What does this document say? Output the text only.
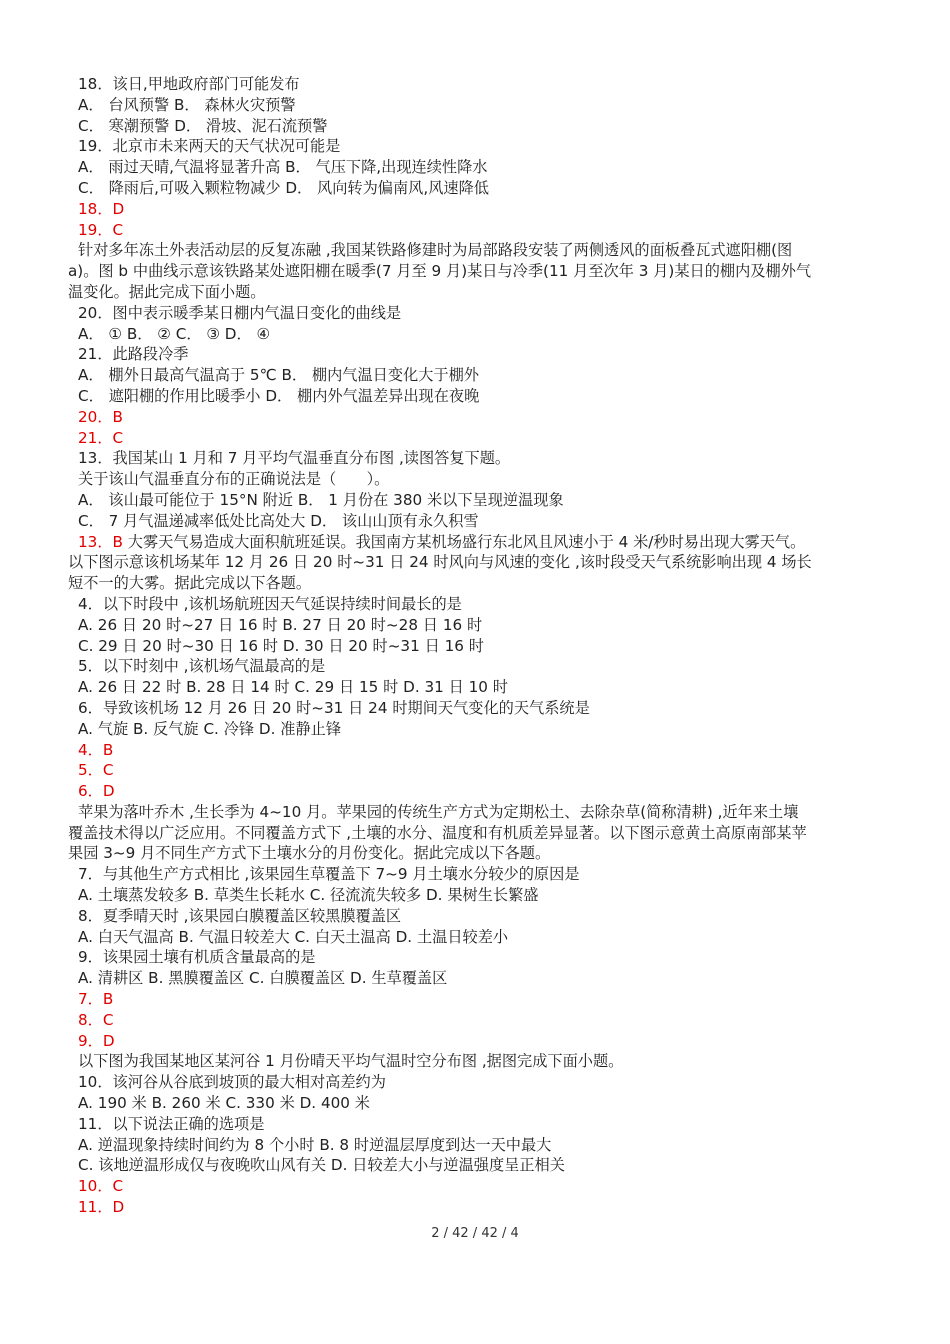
18．该日,甲地政府部门可能发布
A． 台风预警 B． 森林火灾预警
C． 寒潮预警 D． 滑坡、泥石流预警
19．北京市未来两天的天气状况可能是
A． 雨过天晴,气温将显著升高 B． 气压下降,出现连续性降水
C． 降雨后,可吸入颗粒物减少 D． 风向转为偏南风,风速降低
18．D
19．C
针对多年冻土外表活动层的反复冻融 ,我国某铁路修建时为局部路段安装了两侧透风的面板叠瓦式遮阳棚(图
a)。图 b 中曲线示意该铁路某处遮阳棚在暖季(7 月至 9 月)某日与冷季(11 月至次年 3 月)某日的棚内及棚外气
温变化。据此完成下面小题。
20．图中表示暖季某日棚内气温日变化的曲线是
A． ① B． ② C． ③ D． ④
21．此路段冷季
A． 棚外日最高气温高于 5℃ B． 棚内气温日变化大于棚外
C． 遮阳棚的作用比暖季小 D． 棚内外气温差异出现在夜晚
20．B
21．C
13．我国某山 1 月和 7 月平均气温垂直分布图 ,读图答复下题。
关于该山气温垂直分布的正确说法是（　　）。
A． 该山最可能位于 15°N 附近 B． 1 月份在 380 米以下呈现逆温现象
C． 7 月气温递减率低处比高处大 D． 该山山顶有永久积雪
13．B 大雾天气易造成大面积航班延误。我国南方某机场盛行东北风且风速小于 4 米/秒时易出现大雾天气。
以下图示意该机场某年 12 月 26 日 20 时~31 日 24 时风向与风速的变化 ,该时段受天气系统影响出现 4 场长
短不一的大雾。据此完成以下各题。
4．以下时段中 ,该机场航班因天气延误持续时间最长的是
A. 26 日 20 时~27 日 16 时 B. 27 日 20 时~28 日 16 时
C. 29 日 20 时~30 日 16 时 D. 30 日 20 时~31 日 16 时
5．以下时刻中 ,该机场气温最高的是
A. 26 日 22 时 B. 28 日 14 时 C. 29 日 15 时 D. 31 日 10 时
6．导致该机场 12 月 26 日 20 时~31 日 24 时期间天气变化的天气系统是
A. 气旋 B. 反气旋 C. 冷锋 D. 准静止锋
4．B
5．C
6．D
苹果为落叶乔木 ,生长季为 4~10 月。苹果园的传统生产方式为定期松土、去除杂草(简称清耕) ,近年来土壤
覆盖技术得以广泛应用。不同覆盖方式下 ,土壤的水分、温度和有机质差异显著。以下图示意黄土高原南部某苹
果园 3~9 月不同生产方式下土壤水分的月份变化。据此完成以下各题。
7．与其他生产方式相比 ,该果园生草覆盖下 7~9 月土壤水分较少的原因是
A. 土壤蒸发较多 B. 草类生长耗水 C. 径流流失较多 D. 果树生长繁盛
8．夏季晴天时 ,该果园白膜覆盖区较黑膜覆盖区
A. 白天气温高 B. 气温日较差大 C. 白天土温高 D. 土温日较差小
9．该果园土壤有机质含量最高的是
A. 清耕区 B. 黑膜覆盖区 C. 白膜覆盖区 D. 生草覆盖区
7．B
8．C
9．D
以下图为我国某地区某河谷 1 月份晴天平均气温时空分布图 ,据图完成下面小题。
10．该河谷从谷底到坡顶的最大相对高差约为
A. 190 米 B. 260 米 C. 330 米 D. 400 米
11．以下说法正确的选项是
A. 逆温现象持续时间约为 8 个小时 B. 8 时逆温层厚度到达一天中最大
C. 该地逆温形成仅与夜晚吹山风有关 D. 日较差大小与逆温强度呈正相关
10．C
11．D
2 / 42 / 42 / 4
